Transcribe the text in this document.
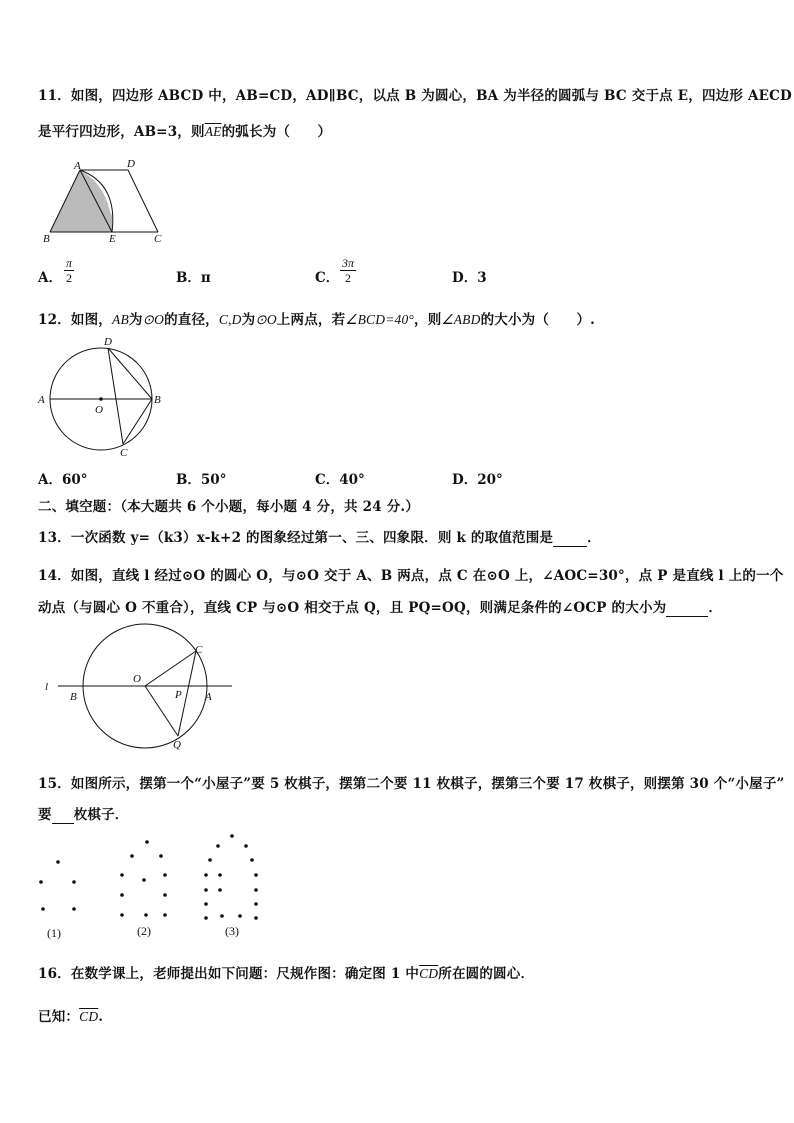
11．如图，四边形 ABCD 中，AB=CD，AD∥BC，以点 B 为圆心，BA 为半径的圆弧与 BC 交于点 E，四边形 AECD
是平行四边形，AB=3，则$\overline{AE}$的弧长为（　　）
A	D
B	E	C
A． $\frac{\pi}{2}$	B．π	C． $\frac{3\pi}{2}$	D．3
12．如图，AB为⊙O的直径，C,D为⊙O上两点，若∠BCD=40°，则∠ABD的大小为（　　）.
D
A
O
B
C
A．60°	B．50°	C．40°	D．20°
二、填空题：（本大题共 6 个小题，每小题 4 分，共 24 分.）
13．一次函数 y=（k3）x-k+2 的图象经过第一、三、四象限．则 k 的取值范围是	．
14．如图，直线 l 经过⊙O 的圆心 O，与⊙O 交于 A、B 两点，点 C 在⊙O 上，∠AOC=30°，点 P 是直线 l 上的一个
动点（与圆心 O 不重合），直线 CP 与⊙O 相交于点 Q，且 PQ=OQ，则满足条件的∠OCP 的大小为	．
C
l
O
P
B	A
Q
15．如图所示，摆第一个“小屋子”要 5 枚棋子，摆第二个要 11 枚棋子，摆第三个要 17 枚棋子，则摆第 30 个“小屋子”
要 枚棋子．
(1)	(2)	(3)
16．在数学课上，老师提出如下问题：尺规作图：确定图 1 中$\overline{CD}$所在圆的圆心．
已知：$\overline{CD}$.
